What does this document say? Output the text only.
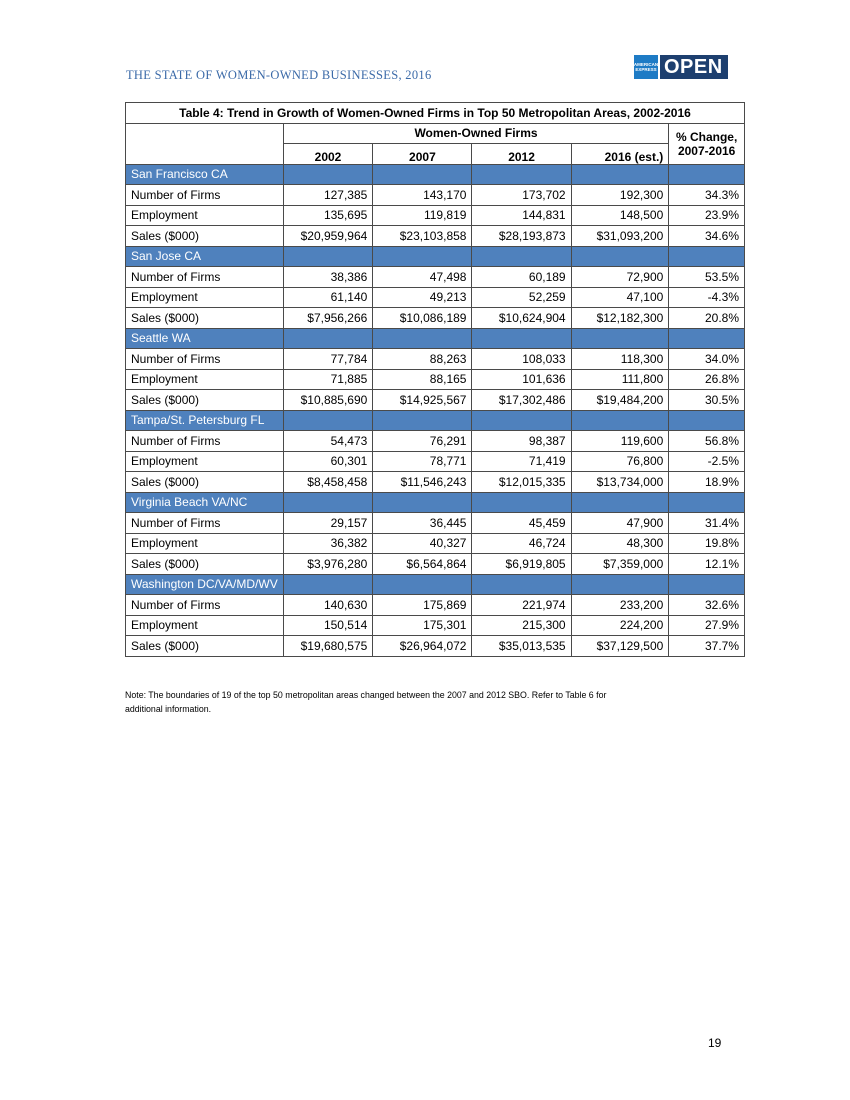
THE STATE OF WOMEN-OWNED BUSINESSES, 2016
AMERICAN
EXPRESS OPEN
Table 4: Trend in Growth of Women-Owned Firms in Top 50 Metropolitan Areas, 2002-2016					
	Women-Owned Firms				% Change,
2007-2016

	2002	2007	2012	2016 (est.)	
San Francisco CA					
Number of Firms	127,385	143,170	173,702	192,300	34.3%
Employment	135,695	119,819	144,831	148,500	23.9%
Sales ($000)	$20,959,964	$23,103,858	$28,193,873	$31,093,200	34.6%
San Jose CA					
Number of Firms	38,386	47,498	60,189	72,900	53.5%
Employment	61,140	49,213	52,259	47,100	-4.3%
Sales ($000)	$7,956,266	$10,086,189	$10,624,904	$12,182,300	20.8%
Seattle WA					
Number of Firms	77,784	88,263	108,033	118,300	34.0%
Employment	71,885	88,165	101,636	111,800	26.8%
Sales ($000)	$10,885,690	$14,925,567	$17,302,486	$19,484,200	30.5%
Tampa/St. Petersburg FL					
Number of Firms	54,473	76,291	98,387	119,600	56.8%
Employment	60,301	78,771	71,419	76,800	-2.5%
Sales ($000)	$8,458,458	$11,546,243	$12,015,335	$13,734,000	18.9%
Virginia Beach VA/NC					
Number of Firms	29,157	36,445	45,459	47,900	31.4%
Employment	36,382	40,327	46,724	48,300	19.8%
Sales ($000)	$3,976,280	$6,564,864	$6,919,805	$7,359,000	12.1%
Washington DC/VA/MD/WV					
Number of Firms	140,630	175,869	221,974	233,200	32.6%
Employment	150,514	175,301	215,300	224,200	27.9%
Sales ($000)	$19,680,575	$26,964,072	$35,013,535	$37,129,500	37.7%
Note: The boundaries of 19 of the top 50 metropolitan areas changed between the 2007 and 2012 SBO. Refer to Table 6 for
additional information.
19
